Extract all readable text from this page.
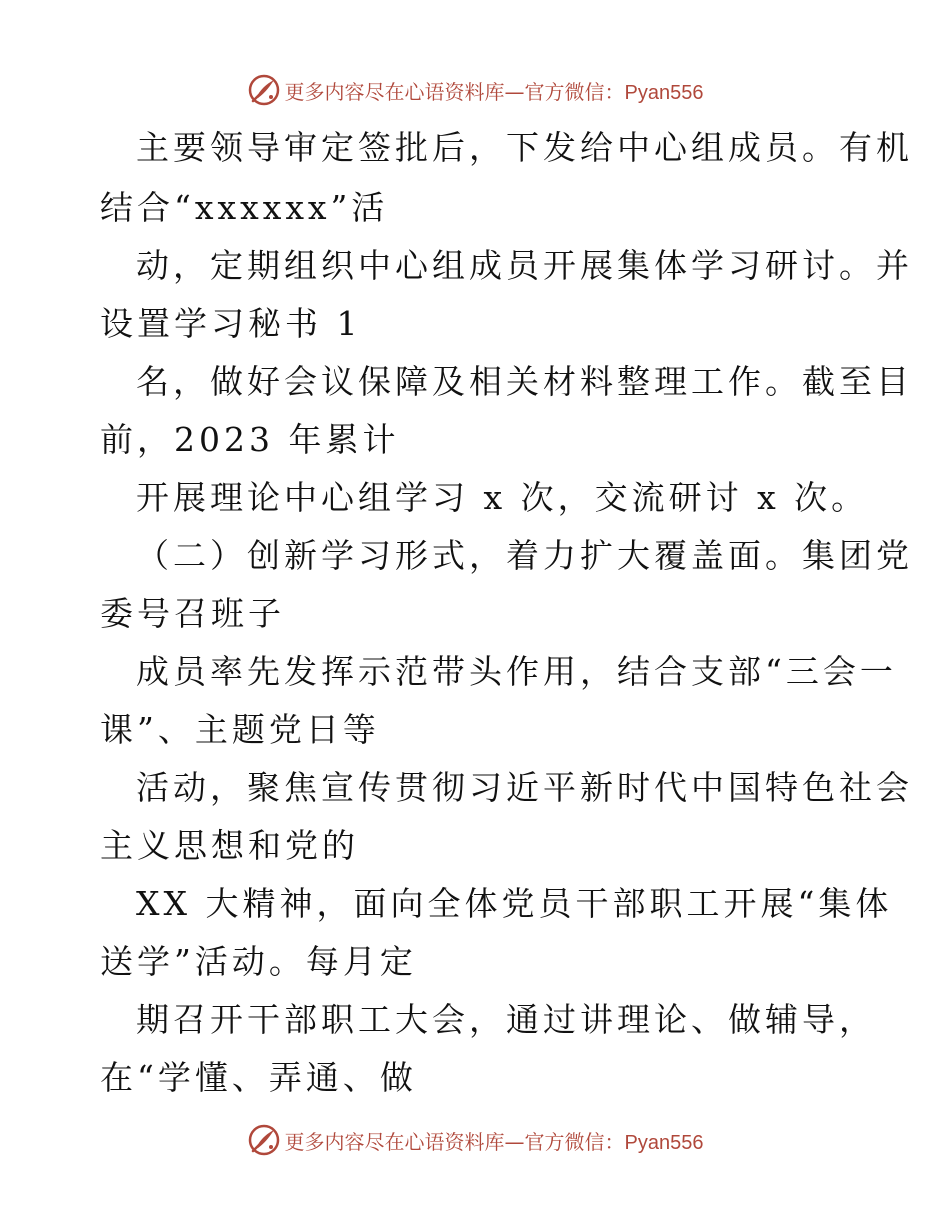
更多内容尽在心语资料库—官方微信：Pyan556
主要领导审定签批后，下发给中心组成员。有机
结合“xxxxxx”活
动，定期组织中心组成员开展集体学习研讨。并
设置学习秘书 1
名，做好会议保障及相关材料整理工作。截至目
前，2023 年累计
开展理论中心组学习 x 次，交流研讨 x 次。
（二）创新学习形式，着力扩大覆盖面。集团党
委号召班子
成员率先发挥示范带头作用，结合支部“三会一
课”、主题党日等
活动，聚焦宣传贯彻习近平新时代中国特色社会
主义思想和党的
XX 大精神，面向全体党员干部职工开展“集体
送学”活动。每月定
期召开干部职工大会，通过讲理论、做辅导，
在“学懂、弄通、做
更多内容尽在心语资料库—官方微信：Pyan556
